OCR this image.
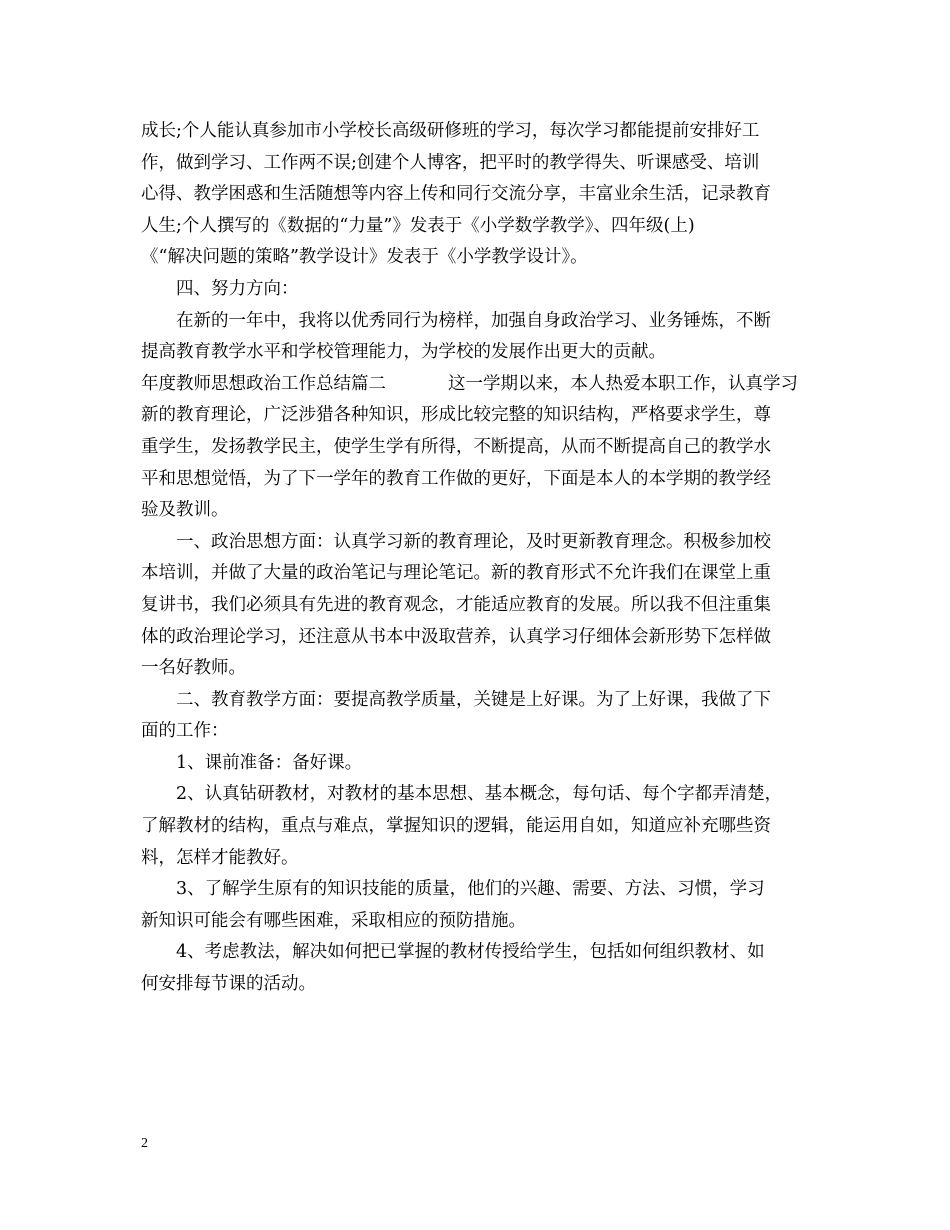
成长;个人能认真参加市小学校长高级研修班的学习，每次学习都能提前安排好工
作，做到学习、工作两不误;创建个人博客，把平时的教学得失、听课感受、培训
心得、教学困惑和生活随想等内容上传和同行交流分享，丰富业余生活，记录教育
人生;个人撰写的《数据的“力量”》发表于《小学数学教学》、四年级(上)
《“解决问题的策略”教学设计》发表于《小学教学设计》。
四、努力方向：
在新的一年中，我将以优秀同行为榜样，加强自身政治学习、业务锤炼，不断
提高教育教学水平和学校管理能力，为学校的发展作出更大的贡献。
年度教师思想政治工作总结篇二	这一学期以来，本人热爱本职工作，认真学习
新的教育理论，广泛涉猎各种知识，形成比较完整的知识结构，严格要求学生，尊
重学生，发扬教学民主，使学生学有所得，不断提高，从而不断提高自己的教学水
平和思想觉悟，为了下一学年的教育工作做的更好，下面是本人的本学期的教学经
验及教训。
一、政治思想方面：认真学习新的教育理论，及时更新教育理念。积极参加校
本培训，并做了大量的政治笔记与理论笔记。新的教育形式不允许我们在课堂上重
复讲书，我们必须具有先进的教育观念，才能适应教育的发展。所以我不但注重集
体的政治理论学习，还注意从书本中汲取营养，认真学习仔细体会新形势下怎样做
一名好教师。
二、教育教学方面：要提高教学质量，关键是上好课。为了上好课，我做了下
面的工作：
1、课前准备：备好课。
2、认真钻研教材，对教材的基本思想、基本概念，每句话、每个字都弄清楚，
了解教材的结构，重点与难点，掌握知识的逻辑，能运用自如，知道应补充哪些资
料，怎样才能教好。
3、了解学生原有的知识技能的质量，他们的兴趣、需要、方法、习惯，学习
新知识可能会有哪些困难，采取相应的预防措施。
4、考虑教法，解决如何把已掌握的教材传授给学生，包括如何组织教材、如
何安排每节课的活动。
2
